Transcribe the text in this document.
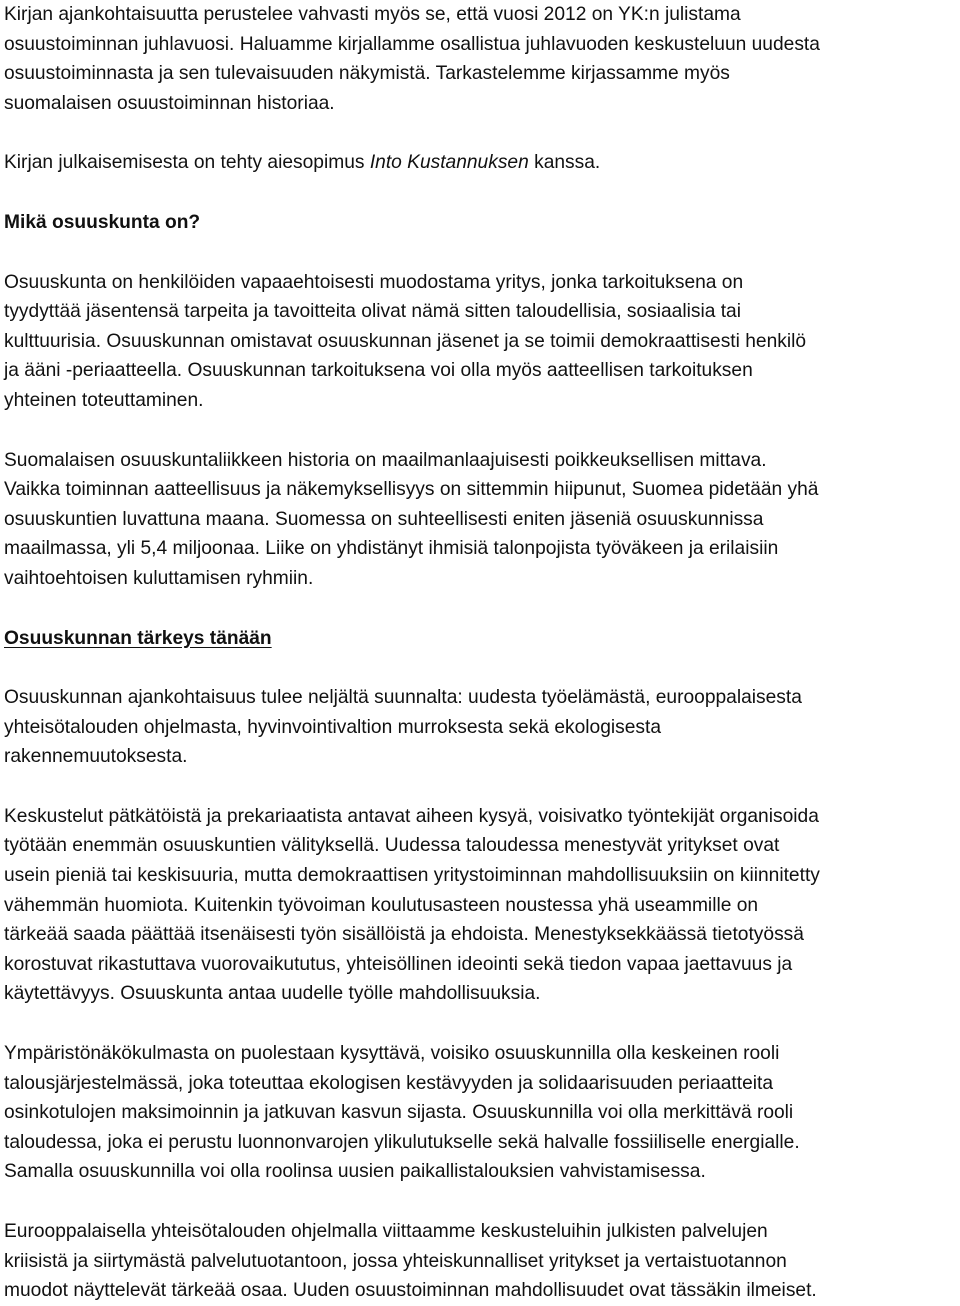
Kirjan ajankohtaisuutta perustelee vahvasti myös se, että vuosi 2012 on YK:n julistama
osuustoiminnan juhlavuosi. Haluamme kirjallamme osallistua juhlavuoden keskusteluun uudesta
osuustoiminnasta ja sen tulevaisuuden näkymistä. Tarkastelemme kirjassamme myös
suomalaisen osuustoiminnan historiaa.

Kirjan julkaisemisesta on tehty aiesopimus Into Kustannuksen kanssa.

Mikä osuuskunta on?

Osuuskunta on henkilöiden vapaaehtoisesti muodostama yritys, jonka tarkoituksena on
tyydyttää jäsentensä tarpeita ja tavoitteita olivat nämä sitten taloudellisia, sosiaalisia tai
kulttuurisia. Osuuskunnan omistavat osuuskunnan jäsenet ja se toimii demokraattisesti henkilö
ja ääni -periaatteella. Osuuskunnan tarkoituksena voi olla myös aatteellisen tarkoituksen
yhteinen toteuttaminen.

Suomalaisen osuuskuntaliikkeen historia on maailmanlaajuisesti poikkeuksellisen mittava.
Vaikka toiminnan aatteellisuus ja näkemyksellisyys on sittemmin hiipunut, Suomea pidetään yhä
osuuskuntien luvattuna maana. Suomessa on suhteellisesti eniten jäseniä osuuskunnissa
maailmassa, yli 5,4 miljoonaa. Liike on yhdistänyt ihmisiä talonpojista työväkeen ja erilaisiin
vaihtoehtoisen kuluttamisen ryhmiin.

Osuuskunnan tärkeys tänään

Osuuskunnan ajankohtaisuus tulee neljältä suunnalta: uudesta työelämästä, eurooppalaisesta
yhteisötalouden ohjelmasta, hyvinvointivaltion murroksesta sekä ekologisesta
rakennemuutoksesta.

Keskustelut pätkätöistä ja prekariaatista antavat aiheen kysyä, voisivatko työntekijät organisoida
työtään enemmän osuuskuntien välityksellä. Uudessa taloudessa menestyvät yritykset ovat
usein pieniä tai keskisuuria, mutta demokraattisen yritystoiminnan mahdollisuuksiin on kiinnitetty
vähemmän huomiota. Kuitenkin työvoiman koulutusasteen noustessa yhä useammille on
tärkeää saada päättää itsenäisesti työn sisällöistä ja ehdoista. Menestyksekkäässä tietotyössä
korostuvat rikastuttava vuorovaikututus, yhteisöllinen ideointi sekä tiedon vapaa jaettavuus ja
käytettävyys. Osuuskunta antaa uudelle työlle mahdollisuuksia.

Ympäristönäkökulmasta on puolestaan kysyttävä, voisiko osuuskunnilla olla keskeinen rooli
talousjärjestelmässä, joka toteuttaa ekologisen kestävyyden ja solidaarisuuden periaatteita
osinkotulojen maksimoinnin ja jatkuvan kasvun sijasta. Osuuskunnilla voi olla merkittävä rooli
taloudessa, joka ei perustu luonnonvarojen ylikulutukselle sekä halvalle fossiiliselle energialle.
Samalla osuuskunnilla voi olla roolinsa uusien paikallistalouksien vahvistamisessa.

Eurooppalaisella yhteisötalouden ohjelmalla viittaamme keskusteluihin julkisten palvelujen
kriisistä ja siirtymästä palvelutuotantoon, jossa yhteiskunnalliset yritykset ja vertaistuotannon
muodot näyttelevät tärkeää osaa. Uuden osuustoiminnan mahdollisuudet ovat tässäkin ilmeiset.
